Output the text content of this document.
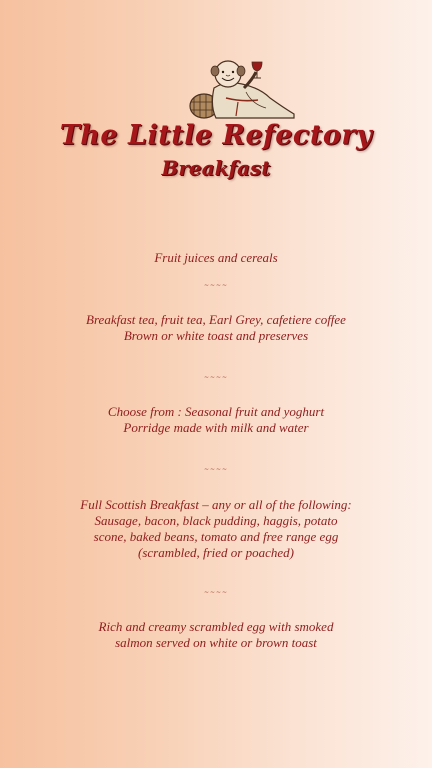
The Little Refectory
Breakfast
Fruit juices and cereals
~~~~
Breakfast tea, fruit tea, Earl Grey, cafetiere coffee
Brown or white toast and preserves
~~~~
Choose from : Seasonal fruit and yoghurt
Porridge made with milk and water
~~~~
Full Scottish Breakfast – any or all of the following:
Sausage, bacon, black pudding, haggis, potato
scone, baked beans, tomato and free range egg
(scrambled, fried or poached)
~~~~
Rich and creamy scrambled egg with smoked
salmon served on white or brown toast
